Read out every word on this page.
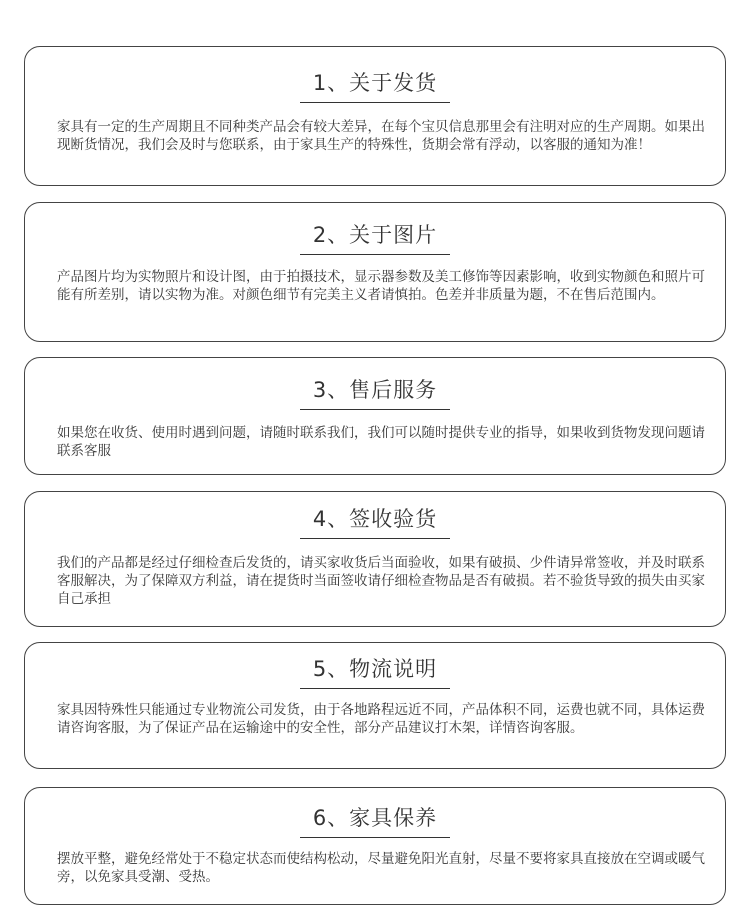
1、关于发货
家具有一定的生产周期且不同种类产品会有较大差异，在每个宝贝信息那里会有注明对应的生产周期。如果出现断货情况，我们会及时与您联系，由于家具生产的特殊性，货期会常有浮动，以客服的通知为准！
2、关于图片
产品图片均为实物照片和设计图，由于拍摄技术，显示器参数及美工修饰等因素影响，收到实物颜色和照片可能有所差别，请以实物为准。对颜色细节有完美主义者请慎拍。色差并非质量为题，不在售后范围内。
3、售后服务
如果您在收货、使用时遇到问题，请随时联系我们，我们可以随时提供专业的指导，如果收到货物发现问题请联系客服
4、签收验货
我们的产品都是经过仔细检查后发货的，请买家收货后当面验收，如果有破损、少件请异常签收，并及时联系客服解决，为了保障双方利益，请在提货时当面签收请仔细检查物品是否有破损。若不验货导致的损失由买家自己承担
5、物流说明
家具因特殊性只能通过专业物流公司发货，由于各地路程远近不同，产品体积不同，运费也就不同，具体运费请咨询客服，为了保证产品在运输途中的安全性，部分产品建议打木架，详情咨询客服。
6、家具保养
摆放平整，避免经常处于不稳定状态而使结构松动，尽量避免阳光直射，尽量不要将家具直接放在空调或暖气旁，以免家具受潮、受热。
